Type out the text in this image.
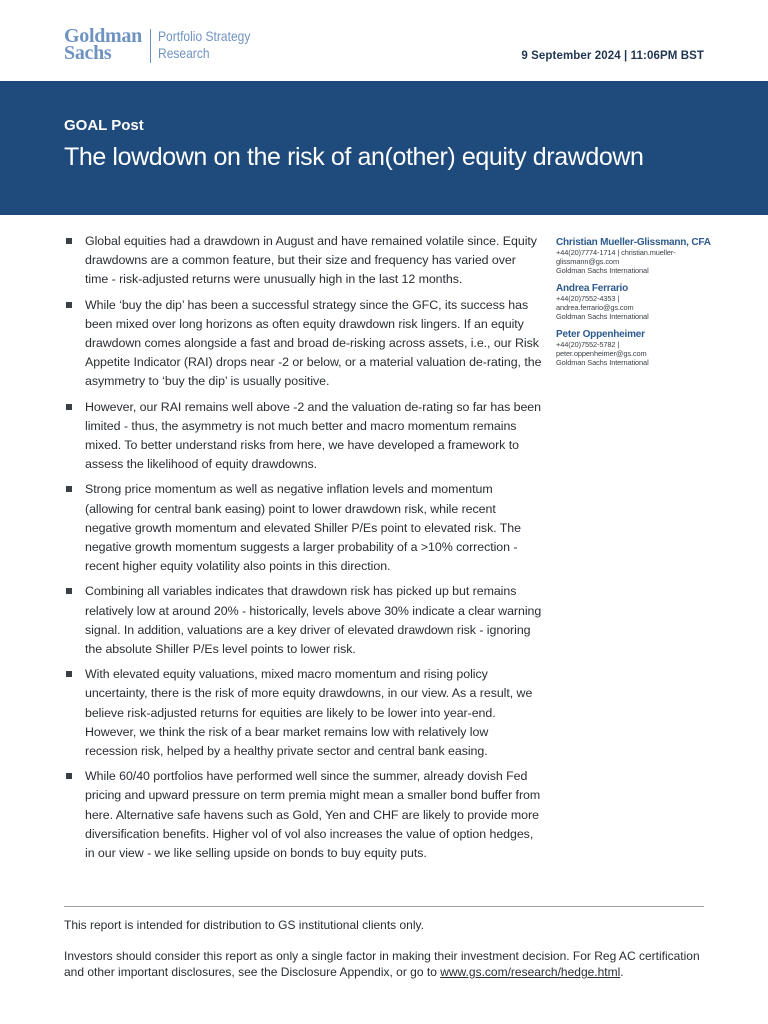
Goldman
Sachs
Portfolio Strategy
Research	9 September 2024 | 11:06PM BST
GOAL Post
The lowdown on the risk of an(other) equity drawdown
Global equities had a drawdown in August and have remained volatile since. Equity drawdowns are a common feature, but their size and frequency has varied over time - risk-adjusted returns were unusually high in the last 12 months.
While ‘buy the dip’ has been a successful strategy since the GFC, its success has been mixed over long horizons as often equity drawdown risk lingers. If an equity drawdown comes alongside a fast and broad de-risking across assets, i.e., our Risk Appetite Indicator (RAI) drops near -2 or below, or a material valuation de-rating, the asymmetry to ‘buy the dip’ is usually positive.
However, our RAI remains well above -2 and the valuation de-rating so far has been limited - thus, the asymmetry is not much better and macro momentum remains mixed. To better understand risks from here, we have developed a framework to assess the likelihood of equity drawdowns.
Strong price momentum as well as negative inflation levels and momentum (allowing for central bank easing) point to lower drawdown risk, while recent negative growth momentum and elevated Shiller P/Es point to elevated risk. The negative growth momentum suggests a larger probability of a >10% correction - recent higher equity volatility also points in this direction.
Combining all variables indicates that drawdown risk has picked up but remains relatively low at around 20% - historically, levels above 30% indicate a clear warning signal. In addition, valuations are a key driver of elevated drawdown risk - ignoring the absolute Shiller P/Es level points to lower risk.
With elevated equity valuations, mixed macro momentum and rising policy uncertainty, there is the risk of more equity drawdowns, in our view. As a result, we believe risk-adjusted returns for equities are likely to be lower into year-end. However, we think the risk of a bear market remains low with relatively low recession risk, helped by a healthy private sector and central bank easing.
While 60/40 portfolios have performed well since the summer, already dovish Fed pricing and upward pressure on term premia might mean a smaller bond buffer from here. Alternative safe havens such as Gold, Yen and CHF are likely to provide more diversification benefits. Higher vol of vol also increases the value of option hedges, in our view - we like selling upside on bonds to buy equity puts.
Christian Mueller-Glissmann, CFA
+44(20)7774-1714 | christian.mueller-
glissmann@gs.com
Goldman Sachs International
Andrea Ferrario
+44(20)7552-4353 |
andrea.ferrario@gs.com
Goldman Sachs International
Peter Oppenheimer
+44(20)7552-5782 |
peter.oppenheimer@gs.com
Goldman Sachs International
This report is intended for distribution to GS institutional clients only.
Investors should consider this report as only a single factor in making their investment decision. For Reg AC certification and other important disclosures, see the Disclosure Appendix, or go to www.gs.com/research/hedge.html.
